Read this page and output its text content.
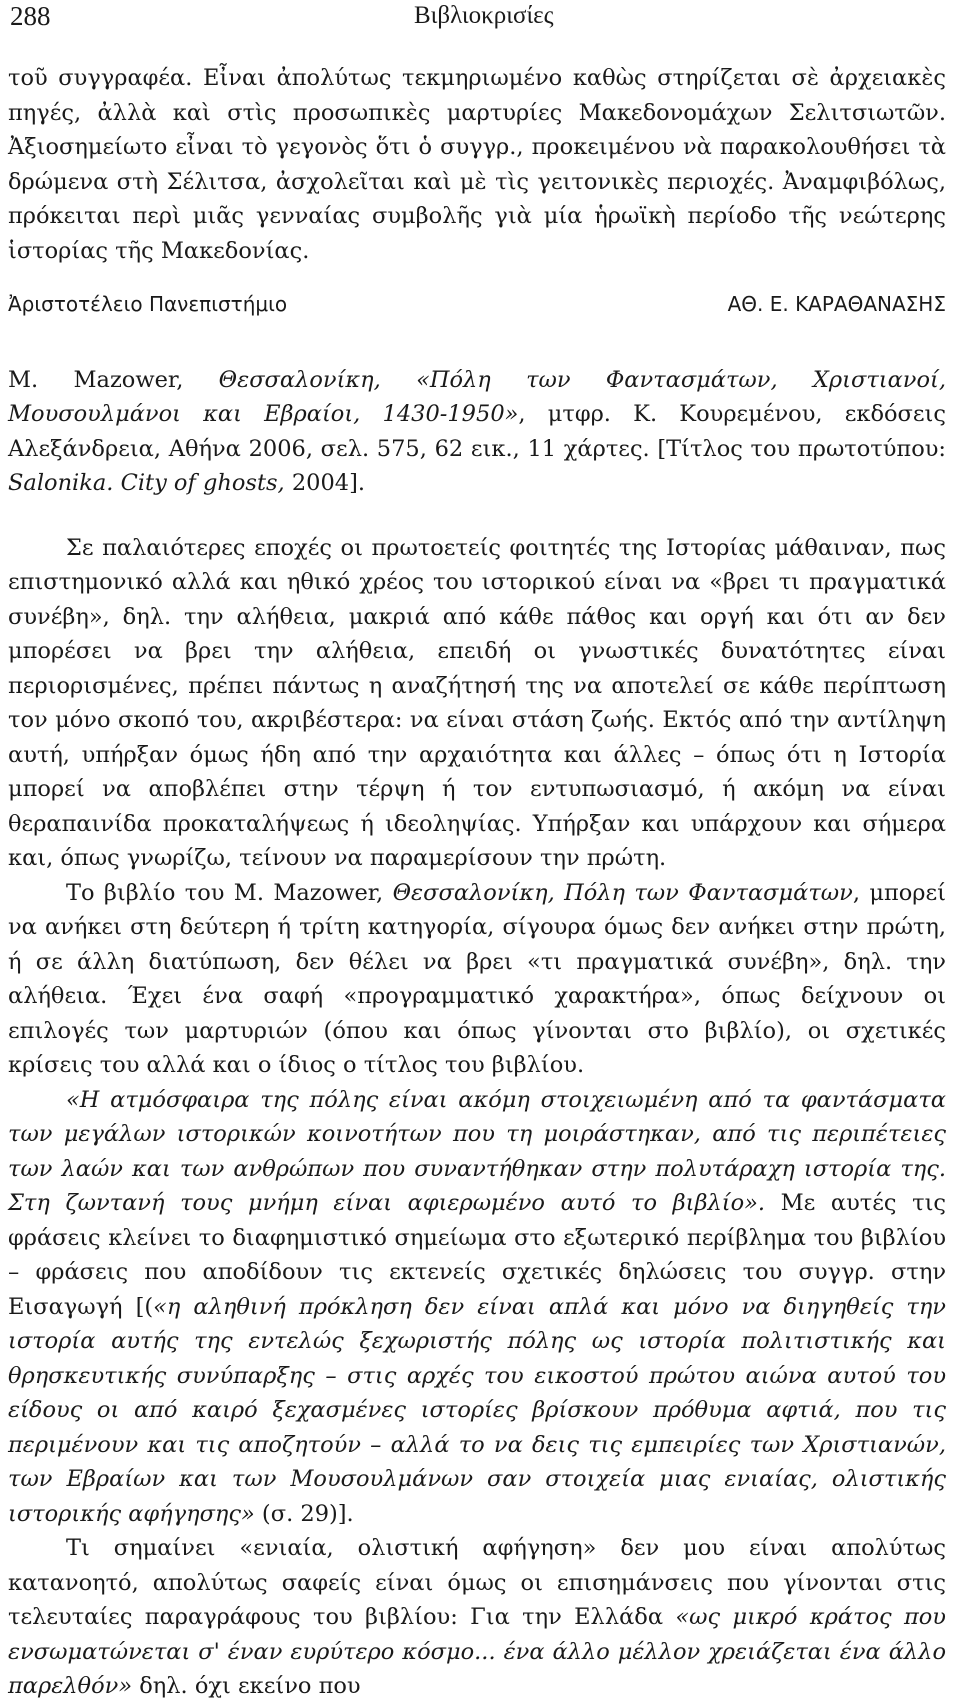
288	Βιβλιοκρισίες

τοῦ συγγραφέα. Εἶναι ἀπολύτως τεκμηριωμένο καθὼς στηρίζεται σὲ ἀρχειακὲς πηγές, ἀλλὰ καὶ στὶς προσωπικὲς μαρτυρίες Μακεδονομάχων Σελιτσιωτῶν. Ἀξιοσημείωτο εἶναι τὸ γεγονὸς ὅτι ὁ συγγρ., προκειμένου νὰ παρακολουθήσει τὰ δρώμενα στὴ Σέλιτσα, ἀσχολεῖται καὶ μὲ τὶς γειτονικὲς περιοχές. Ἀναμφιβόλως, πρόκειται περὶ μιᾶς γενναίας συμβολῆς γιὰ μία ἡρωϊκὴ περίοδο τῆς νεώτερης ἱστορίας τῆς Μακεδονίας.

Ἀριστοτέλειο Πανεπιστήμιο	ΑΘ. Ε. ΚΑΡΑΘΑΝΑΣΗΣ

Μ. Mazower, Θεσσαλονίκη, «Πόλη των Φαντασμάτων, Χριστιανοί, Μουσουλμάνοι και Εβραίοι, 1430-1950», μτφρ. Κ. Κουρεμένου, εκδόσεις Αλεξάνδρεια, Αθήνα 2006, σελ. 575, 62 εικ., 11 χάρτες. [Τίτλος του πρωτοτύπου: Salonika. City of ghosts, 2004].

Σε παλαιότερες εποχές οι πρωτοετείς φοιτητές της Ιστορίας μάθαιναν, πως επιστημονικό αλλά και ηθικό χρέος του ιστορικού είναι να «βρει τι πραγματικά συνέβη», δηλ. την αλήθεια, μακριά από κάθε πάθος και οργή και ότι αν δεν μπορέσει να βρει την αλήθεια, επειδή οι γνωστικές δυνατότητες είναι περιορισμένες, πρέπει πάντως η αναζήτησή της να αποτελεί σε κάθε περίπτωση τον μόνο σκοπό του, ακριβέστερα: να είναι στάση ζωής. Εκτός από την αντίληψη αυτή, υπήρξαν όμως ήδη από την αρχαιότητα και άλλες – όπως ότι η Ιστορία μπορεί να αποβλέπει στην τέρψη ή τον εντυπωσιασμό, ή ακόμη να είναι θεραπαινίδα προκαταλήψεως ή ιδεοληψίας. Υπήρξαν και υπάρχουν και σήμερα και, όπως γνωρίζω, τείνουν να παραμερίσουν την πρώτη.

Το βιβλίο του Μ. Mazower, Θεσσαλονίκη, Πόλη των Φαντασμάτων, μπορεί να ανήκει στη δεύτερη ή τρίτη κατηγορία, σίγουρα όμως δεν ανήκει στην πρώτη, ή σε άλλη διατύπωση, δεν θέλει να βρει «τι πραγματικά συνέβη», δηλ. την αλήθεια. Έχει ένα σαφή «προγραμματικό χαρακτήρα», όπως δείχνουν οι επιλογές των μαρτυριών (όπου και όπως γίνονται στο βιβλίο), οι σχετικές κρίσεις του αλλά και ο ίδιος ο τίτλος του βιβλίου.

«Η ατμόσφαιρα της πόλης είναι ακόμη στοιχειωμένη από τα φαντάσματα των μεγάλων ιστορικών κοινοτήτων που τη μοιράστηκαν, από τις περιπέτειες των λαών και των ανθρώπων που συναντήθηκαν στην πολυτάραχη ιστορία της. Στη ζωντανή τους μνήμη είναι αφιερωμένο αυτό το βιβλίο». Με αυτές τις φράσεις κλείνει το διαφημιστικό σημείωμα στο εξωτερικό περίβλημα του βιβλίου – φράσεις που αποδίδουν τις εκτενείς σχετικές δηλώσεις του συγγρ. στην Εισαγωγή [(«η αληθινή πρόκληση δεν είναι απλά και μόνο να διηγηθείς την ιστορία αυτής της εντελώς ξεχωριστής πόλης ως ιστορία πολιτιστικής και θρησκευτικής συνύπαρξης – στις αρχές του εικοστού πρώτου αιώνα αυτού του είδους οι από καιρό ξεχασμένες ιστορίες βρίσκουν πρόθυμα αφτιά, που τις περιμένουν και τις αποζητούν – αλλά το να δεις τις εμπειρίες των Χριστιανών, των Εβραίων και των Μουσουλμάνων σαν στοιχεία μιας ενιαίας, ολιστικής ιστορικής αφήγησης» (σ. 29)].

Τι σημαίνει «ενιαία, ολιστική αφήγηση» δεν μου είναι απολύτως κατανοητό, απολύτως σαφείς είναι όμως οι επισημάνσεις που γίνονται στις τελευταίες παραγράφους του βιβλίου: Για την Ελλάδα «ως μικρό κράτος που ενσωματώνεται σ' έναν ευρύτερο κόσμο... ένα άλλο μέλλον χρειάζεται ένα άλλο παρελθόν» δηλ. όχι εκείνο που
